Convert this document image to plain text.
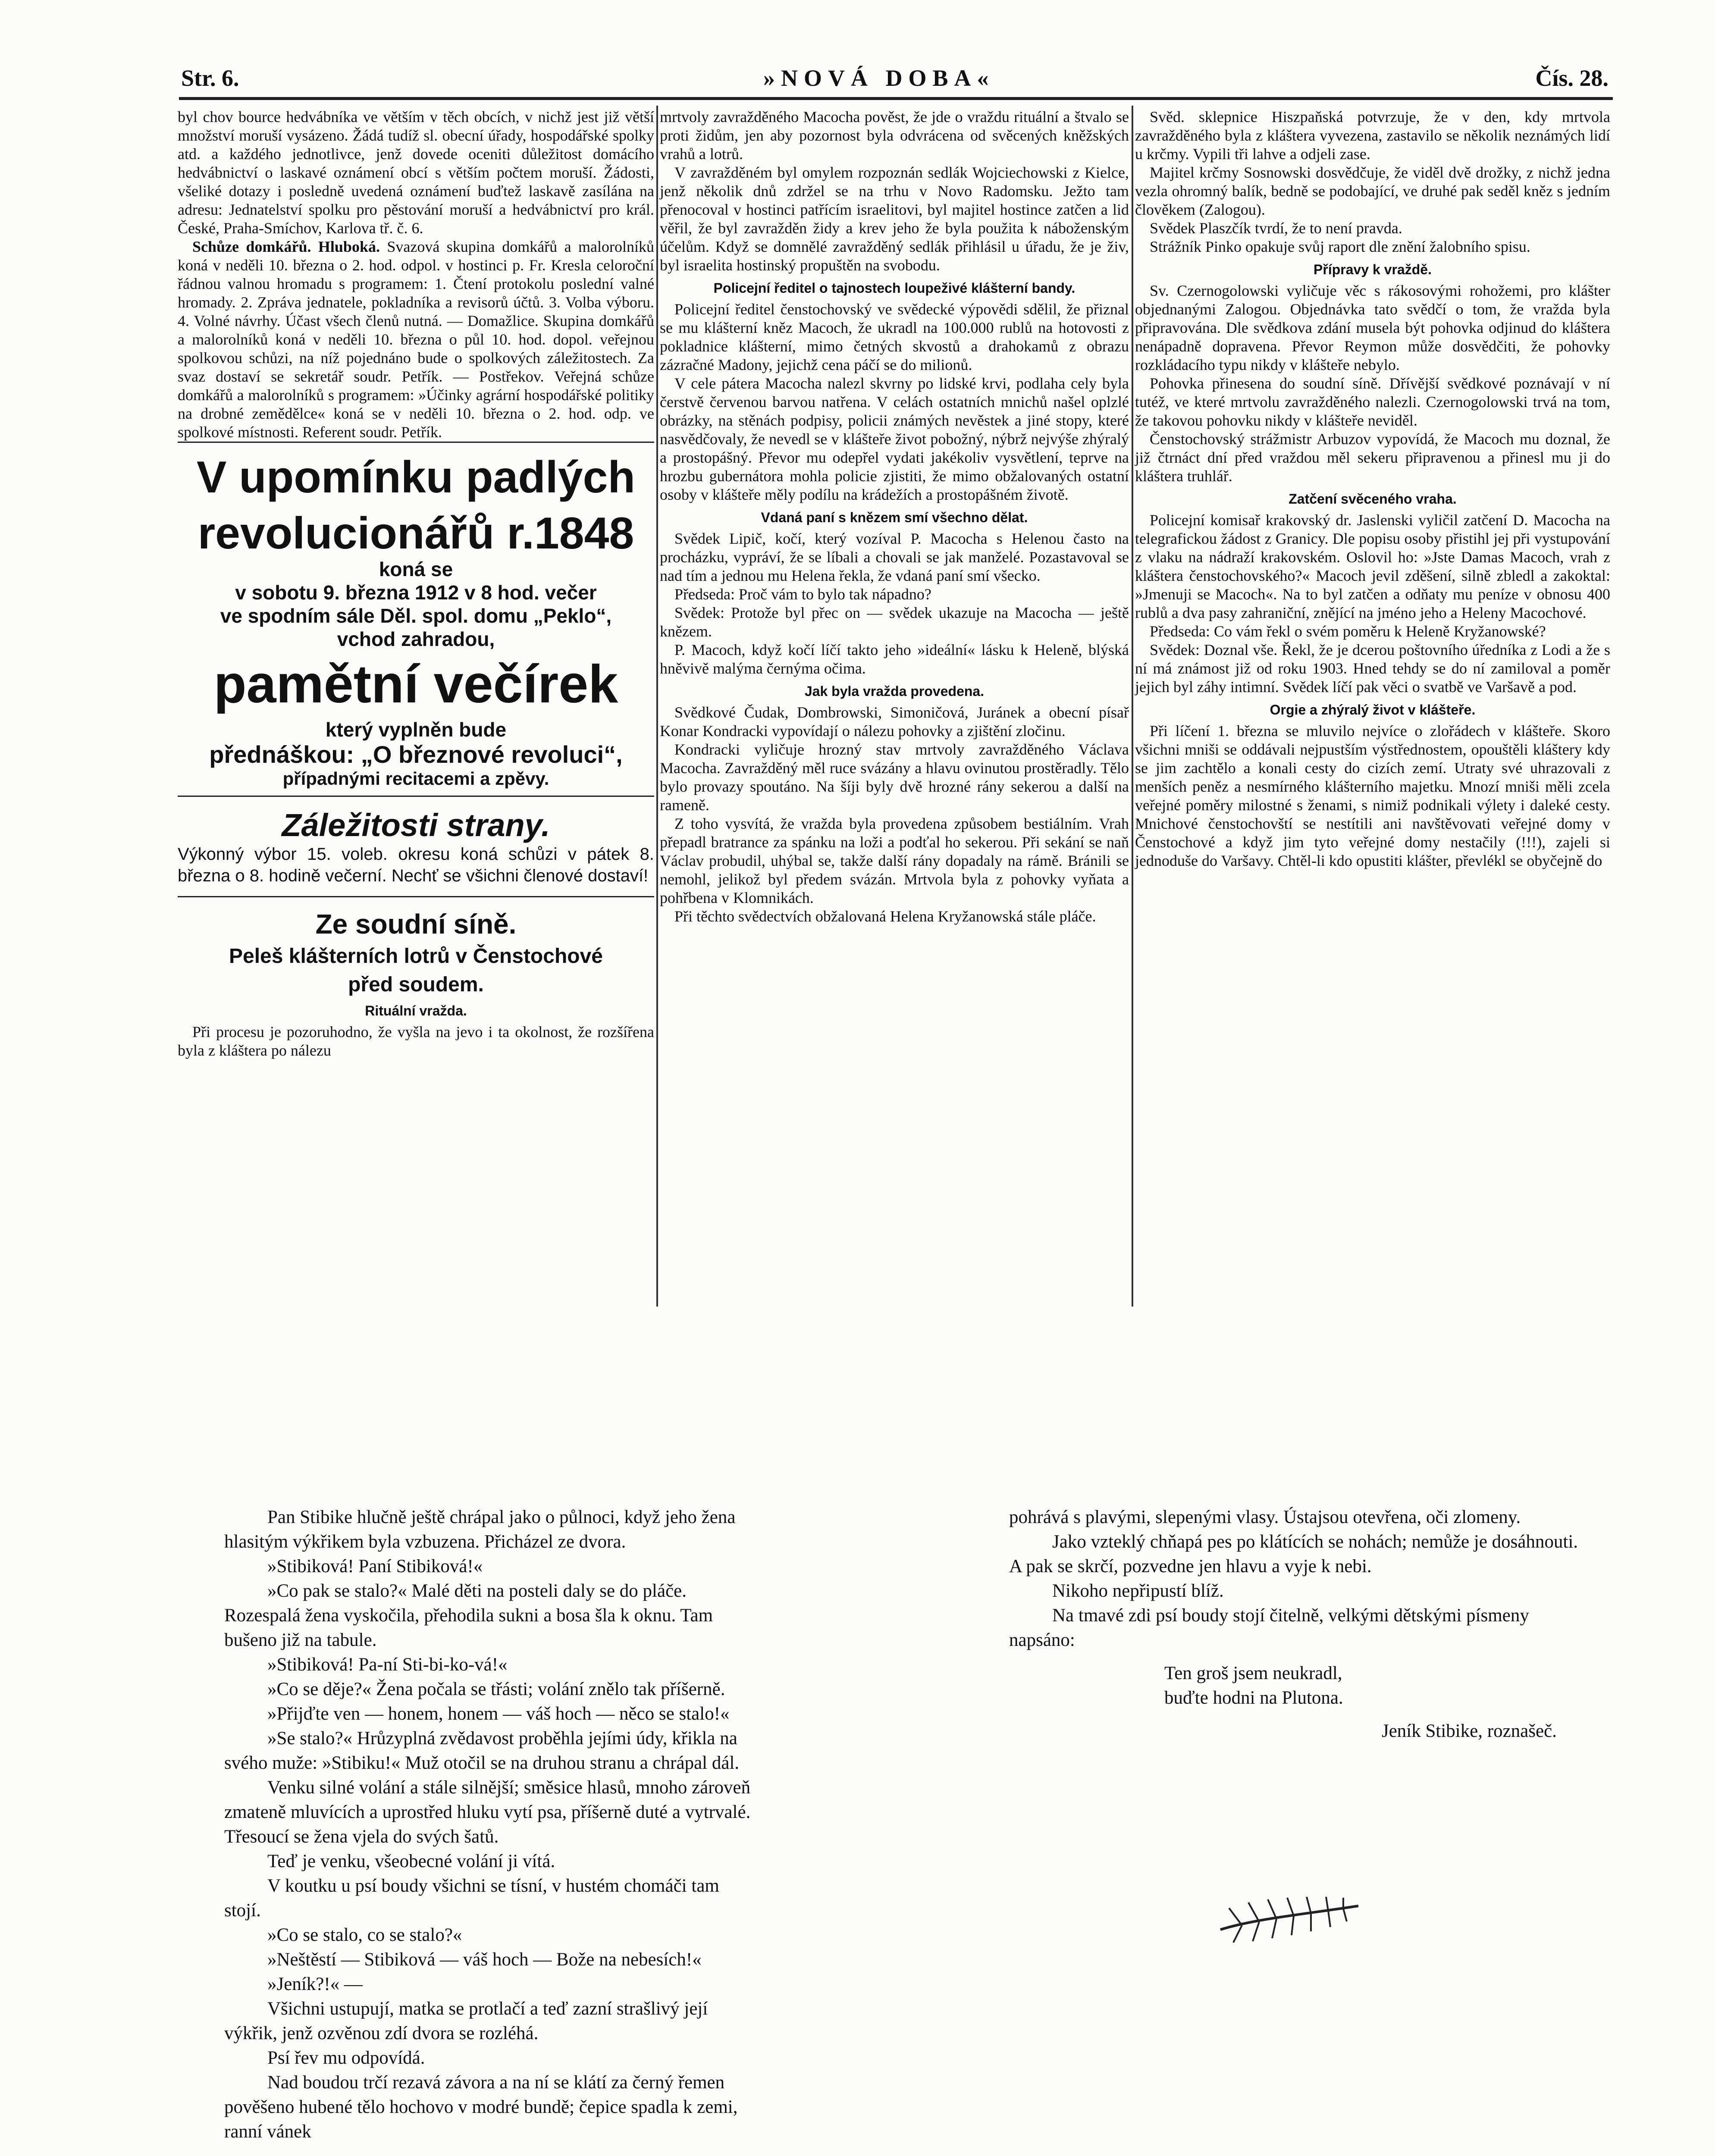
Str. 6.	»NOVÁ DOBA«	Čís. 28.

byl chov bource hedvábníka ve větším v těch obcích, v nichž jest již větší množství moruší vysázeno. Žádá tudíž sl. obecní úřady, hospodářské spolky atd. a každého jednotlivce, jenž dovede oceniti důležitost domácího hedvábnictví o laskavé oznámení obcí s větším počtem moruší. Žádosti, všeliké dotazy i posledně uvedená oznámení buďtež laskavě zasílána na adresu: Jednatelství spolku pro pěstování moruší a hedvábnictví pro král. České, Praha-Smíchov, Karlova tř. č. 6.

Schůze domkářů. Hluboká. Svazová skupina domkářů a malorolníků koná v neděli 10. března o 2. hod. odpol. v hostinci p. Fr. Kresla celoroční řádnou valnou hromadu s programem: 1. Čtení protokolu poslední valné hromady. 2. Zpráva jednatele, pokladníka a revisorů účtů. 3. Volba výboru. 4. Volné návrhy. Účast všech členů nutná. — Domažlice. Skupina domkářů a malorolníků koná v neděli 10. března o půl 10. hod. dopol. veřejnou spolkovou schůzi, na níž pojednáno bude o spolkových záležitostech. Za svaz dostaví se sekretář soudr. Petřík. — Postřekov. Veřejná schůze domkářů a malorolníků s programem: »Účinky agrární hospodářské politiky na drobné zemědělce« koná se v neděli 10. března o 2. hod. odp. ve spolkové místnosti. Referent soudr. Petřík.

V upomínku padlých
revolucionářů r.1848
koná se
v sobotu 9. března 1912 v 8 hod. večer
ve spodním sále Děl. spol. domu „Peklo“,
vchod zahradou,
pamětní večírek
který vyplněn bude
přednáškou: „O březnové revoluci“,
případnými recitacemi a zpěvy.
Záležitosti strany.
Výkonný výbor 15. voleb. okresu koná schůzi v pátek 8. března o 8. hodině večerní. Nechť se všichni členové dostaví!
Ze soudní síně.
Peleš klášterních lotrů v Čenstochové
před soudem.
Rituální vražda.

Při procesu je pozoruhodno, že vyšla na jevo i ta okolnost, že rozšířena byla z kláštera po nálezu

mrtvoly zavražděného Macocha pověst, že jde o vraždu rituální a štvalo se proti židům, jen aby pozornost byla odvrácena od svěcených kněžských vrahů a lotrů.

V zavražděném byl omylem rozpoznán sedlák Wojciechowski z Kielce, jenž několik dnů zdržel se na trhu v Novo Radomsku. Ježto tam přenocoval v hostinci patřícím israelitovi, byl majitel hostince zatčen a lid věřil, že byl zavražděn židy a krev jeho že byla použita k náboženským účelům. Když se domnělé zavražděný sedlák přihlásil u úřadu, že je živ, byl israelita hostinský propuštěn na svobodu.

Policejní ředitel o tajnostech loupeživé klášterní bandy.

Policejní ředitel čenstochovský ve svědecké výpovědi sdělil, že přiznal se mu klášterní kněz Macoch, že ukradl na 100.000 rublů na hotovosti z pokladnice klášterní, mimo četných skvostů a drahokamů z obrazu zázračné Madony, jejichž cena páčí se do milionů.

V cele pátera Macocha nalezl skvrny po lidské krvi, podlaha cely byla čerstvě červenou barvou natřena. V celách ostatních mnichů našel oplzlé obrázky, na stěnách podpisy, policii známých nevěstek a jiné stopy, které nasvědčovaly, že nevedl se v klášteře život pobožný, nýbrž nejvýše zhýralý a prostopášný. Převor mu odepřel vydati jakékoliv vysvětlení, teprve na hrozbu gubernátora mohla policie zjistiti, že mimo obžalovaných ostatní osoby v klášteře měly podílu na krádežích a prostopášném životě.

Vdaná paní s knězem smí všechno dělat.

Svědek Lipič, kočí, který vozíval P. Macocha s Helenou často na procházku, vypráví, že se líbali a chovali se jak manželé. Pozastavoval se nad tím a jednou mu Helena řekla, že vdaná paní smí všecko.

Předseda: Proč vám to bylo tak nápadno?

Svědek: Protože byl přec on — svědek ukazuje na Macocha — ještě knězem.

P. Macoch, když kočí líčí takto jeho »ideální« lásku k Heleně, blýská hněvivě malýma černýma očima.

Jak byla vražda provedena.

Svědkové Čudak, Dombrowski, Simoničová, Juránek a obecní písař Konar Kondracki vypovídají o nálezu pohovky a zjištění zločinu.

Kondracki vyličuje hrozný stav mrtvoly zavražděného Václava Macocha. Zavražděný měl ruce svázány a hlavu ovinutou prostěradly. Tělo bylo provazy spoutáno. Na šíji byly dvě hrozné rány sekerou a další na rameně.

Z toho vysvítá, že vražda byla provedena způsobem bestiálním. Vrah přepadl bratrance za spánku na loži a podťal ho sekerou. Při sekání se naň Václav probudil, uhýbal se, takže další rány dopadaly na rámě. Bránili se nemohl, jelikož byl předem svázán. Mrtvola byla z pohovky vyňata a pohřbena v Klomnikách.

Při těchto svědectvích obžalovaná Helena Kryžanowská stále pláče.

Svěd. sklepnice Hiszpaňská potvrzuje, že v den, kdy mrtvola zavražděného byla z kláštera vyvezena, zastavilo se několik neznámých lidí u krčmy. Vypili tři lahve a odjeli zase.

Majitel krčmy Sosnowski dosvědčuje, že viděl dvě drožky, z nichž jedna vezla ohromný balík, bedně se podobající, ve druhé pak seděl kněz s jedním člověkem (Zalogou).

Svědek Plaszčík tvrdí, že to není pravda.

Strážník Pinko opakuje svůj raport dle znění žalobního spisu.

Přípravy k vraždě.

Sv. Czernogolowski vyličuje věc s rákosovými rohožemi, pro klášter objednanými Zalogou. Objednávka tato svědčí o tom, že vražda byla připravována. Dle svědkova zdání musela být pohovka odjinud do kláštera nenápadně dopravena. Převor Reymon může dosvědčiti, že pohovky rozkládacího typu nikdy v klášteře nebylo.

Pohovka přinesena do soudní síně. Dřívější svědkové poznávají v ní tutéž, ve které mrtvolu zavražděného nalezli. Czernogolowski trvá na tom, že takovou pohovku nikdy v klášteře neviděl.

Čenstochovský strážmistr Arbuzov vypovídá, že Macoch mu doznal, že již čtrnáct dní před vraždou měl sekeru připravenou a přinesl mu ji do kláštera truhlář.

Zatčení svěceného vraha.

Policejní komisař krakovský dr. Jaslenski vyličil zatčení D. Macocha na telegrafickou žádost z Granicy. Dle popisu osoby přistihl jej při vystupování z vlaku na nádraží krakovském. Oslovil ho: »Jste Damas Macoch, vrah z kláštera čenstochovského?« Macoch jevil zděšení, silně zbledl a zakoktal: »Jmenuji se Macoch«. Na to byl zatčen a odňaty mu peníze v obnosu 400 rublů a dva pasy zahraniční, znějící na jméno jeho a Heleny Macochové.

Předseda: Co vám řekl o svém poměru k Heleně Kryžanowské?

Svědek: Doznal vše. Řekl, že je dcerou poštovního úředníka z Lodi a že s ní má známost již od roku 1903. Hned tehdy se do ní zamiloval a poměr jejich byl záhy intimní. Svědek líčí pak věci o svatbě ve Varšavě a pod.

Orgie a zhýralý život v klášteře.

Při líčení 1. března se mluvilo nejvíce o zlořádech v klášteře. Skoro všichni mniši se oddávali nejpustším výstřednostem, opouštěli kláštery kdy se jim zachtělo a konali cesty do cizích zemí. Utraty své uhrazovali z menších peněz a nesmírného klášterního majetku. Mnozí mniši měli zcela veřejné poměry milostné s ženami, s nimiž podnikali výlety i daleké cesty. Mnichové čenstochovští se nestítili ani navštěvovati veřejné domy v Čenstochové a když jim tyto veřejné domy nestačily (!!!), zajeli si jednoduše do Varšavy. Chtěl-li kdo opustiti klášter, převlékl se obyčejně do

Pan Stibike hlučně ještě chrápal jako o půlnoci, když jeho žena hlasitým výkřikem byla vzbuzena. Přicházel ze dvora.

»Stibiková! Paní Stibiková!«

»Co pak se stalo?« Malé děti na posteli daly se do pláče. Rozespalá žena vyskočila, přehodila sukni a bosa šla k oknu. Tam bušeno již na tabule.

»Stibiková! Pa-ní Sti-bi-ko-vá!«

»Co se děje?« Žena počala se třásti; volání znělo tak příšerně.

»Přijďte ven — honem, honem — váš hoch — něco se stalo!«

»Se stalo?« Hrůzyplná zvědavost proběhla jejími údy, křikla na svého muže: »Stibiku!« Muž otočil se na druhou stranu a chrápal dál.

Venku silné volání a stále silnější; směsice hlasů, mnoho zároveň zmateně mluvících a uprostřed hluku vytí psa, příšerně duté a vytrvalé. Třesoucí se žena vjela do svých šatů.

Teď je venku, všeobecné volání ji vítá.

V koutku u psí boudy všichni se tísní, v hustém chomáči tam stojí.

»Co se stalo, co se stalo?«

»Neštěstí — Stibiková — váš hoch — Bože na nebesích!«

»Jeník?!« —

Všichni ustupují, matka se protlačí a teď zazní strašlivý její výkřik, jenž ozvěnou zdí dvora se rozléhá.

Psí řev mu odpovídá.

Nad boudou trčí rezavá závora a na ní se klátí za černý řemen pověšeno hubené tělo hochovo v modré bundě; čepice spadla k zemi, ranní vánek

pohrává s plavými, slepenými vlasy. Ústajsou otevřena, oči zlomeny.

Jako vzteklý chňapá pes po klátících se nohách; nemůže je dosáhnouti. A pak se skrčí, pozvedne jen hlavu a vyje k nebi.

Nikoho nepřipustí blíž.

Na tmavé zdi psí boudy stojí čitelně, velkými dětskými písmeny napsáno:

Ten groš jsem neukradl,
buďte hodni na Plutona.
Jeník Stibike, roznašeč.
